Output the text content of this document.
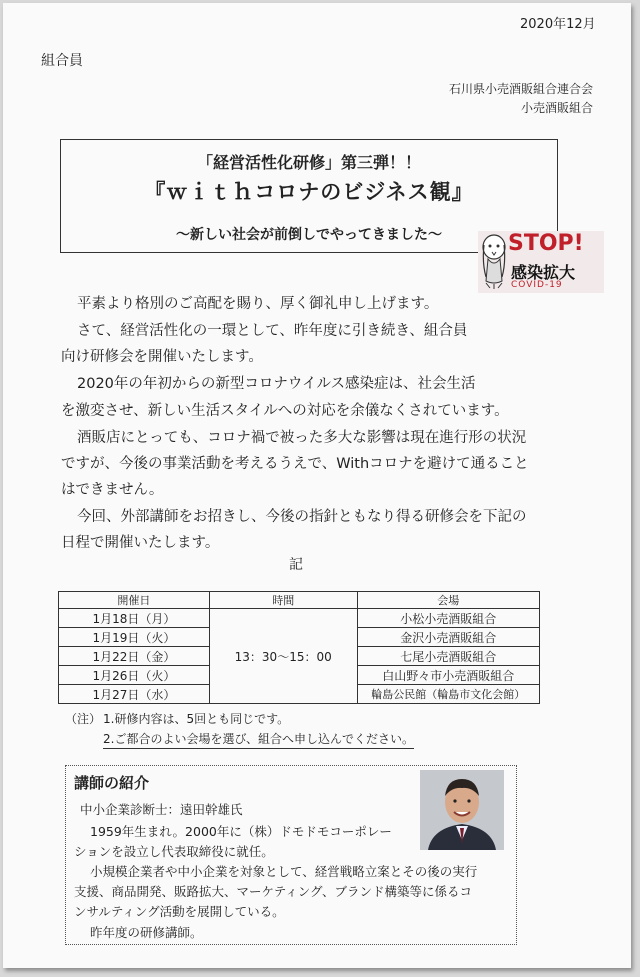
2020年12月
組合員
石川県小売酒販組合連合会
小売酒販組合
「経営活性化研修」第三弾！！
『ｗｉｔｈコロナのビジネス観』
～新しい社会が前倒しでやってきました～	STOP!
感染拡大
COVID-19
平素より格別のご高配を賜り、厚く御礼申し上げます。
さて、経営活性化の一環として、昨年度に引き続き、組合員
向け研修会を開催いたします。
2020年の年初からの新型コロナウイルス感染症は、社会生活
を激変させ、新しい生活スタイルへの対応を余儀なくされています。
酒販店にとっても、コロナ禍で被った多大な影響は現在進行形の状況
ですが、今後の事業活動を考えるうえで、Withコロナを避けて通ること
はできません。
今回、外部講師をお招きし、今後の指針ともなり得る研修会を下記の
日程で開催いたします。
記
開催日	時間	会場
1月18日（月）	13：30～15：00	小松小売酒販組合
1月19日（火）		金沢小売酒販組合
1月22日（金）		七尾小売酒販組合
1月26日（火）		白山野々市小売酒販組合
1月27日（水）		輪島公民館（輪島市文化会館）
（注） 1.研修内容は、5回とも同じです。
2.ご都合のよい会場を選び、組合へ申し込んでください。
講師の紹介
中小企業診断士：遠田幹雄氏
1959年生まれ。2000年に（株）ドモドモコーポレー
ションを設立し代表取締役に就任。
小規模企業者や中小企業を対象として、経営戦略立案とその後の実行
支援、商品開発、販路拡大、マーケティング、ブランド構築等に係るコ
ンサルティング活動を展開している。
昨年度の研修講師。
